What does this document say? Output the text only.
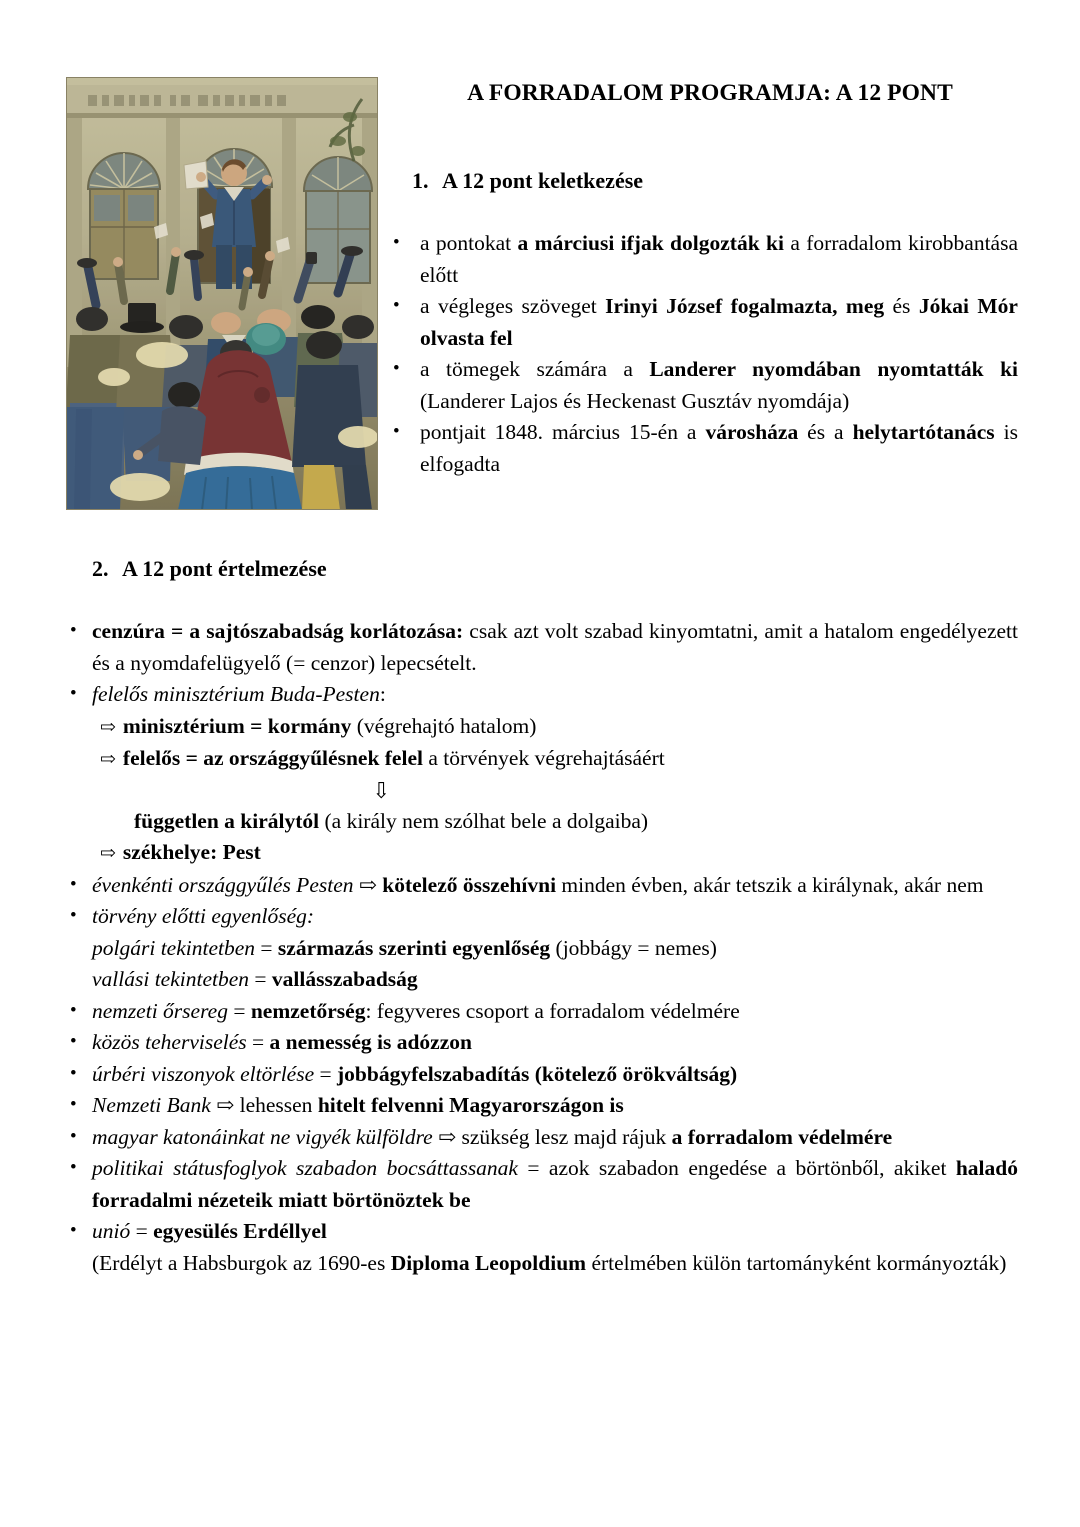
A FORRADALOM PROGRAMJA: A 12 PONT
1. A 12 pont keletkezése
• a pontokat a márciusi ifjak dolgozták ki a forradalom kirobbantása előtt
• a végleges szöveget Irinyi József fogalmazta, meg és Jókai Mór olvasta fel
• a tömegek számára a Landerer nyomdában nyomtatták ki (Landerer Lajos és Heckenast Gusztáv nyomdája)
• pontjait 1848. március 15-én a városháza és a helytartótanács is elfogadta
2. A 12 pont értelmezése
• cenzúra = a sajtószabadság korlátozása: csak azt volt szabad kinyomtatni, amit a hatalom engedélyezett és a nyomdafelügyelő (= cenzor) lepecsételt.
• felelős minisztérium Buda-Pesten:
⇨ minisztérium = kormány (végrehajtó hatalom)
⇨ felelős = az országgyűlésnek felel a törvények végrehajtásáért
⇩
független a királytól (a király nem szólhat bele a dolgaiba)
⇨ székhelye: Pest
• évenkénti országgyűlés Pesten ⇨ kötelező összehívni minden évben, akár tetszik a királynak, akár nem
• törvény előtti egyenlőség:
polgári tekintetben = származás szerinti egyenlőség (jobbágy = nemes)
vallási tekintetben = vallásszabadság
• nemzeti őrsereg = nemzetőrség: fegyveres csoport a forradalom védelmére
• közös teherviselés = a nemesség is adózzon
• úrbéri viszonyok eltörlése = jobbágyfelszabadítás (kötelező örökváltság)
• Nemzeti Bank ⇨ lehessen hitelt felvenni Magyarországon is
• magyar katonáinkat ne vigyék külföldre ⇨ szükség lesz majd rájuk a forradalom védelmére
• politikai státusfoglyok szabadon bocsáttassanak = azok szabadon engedése a börtönből, akiket haladó forradalmi nézeteik miatt börtönöztek be
• unió = egyesülés Erdéllyel
(Erdélyt a Habsburgok az 1690-es Diploma Leopoldium értelmében külön tartományként kormányozták)
